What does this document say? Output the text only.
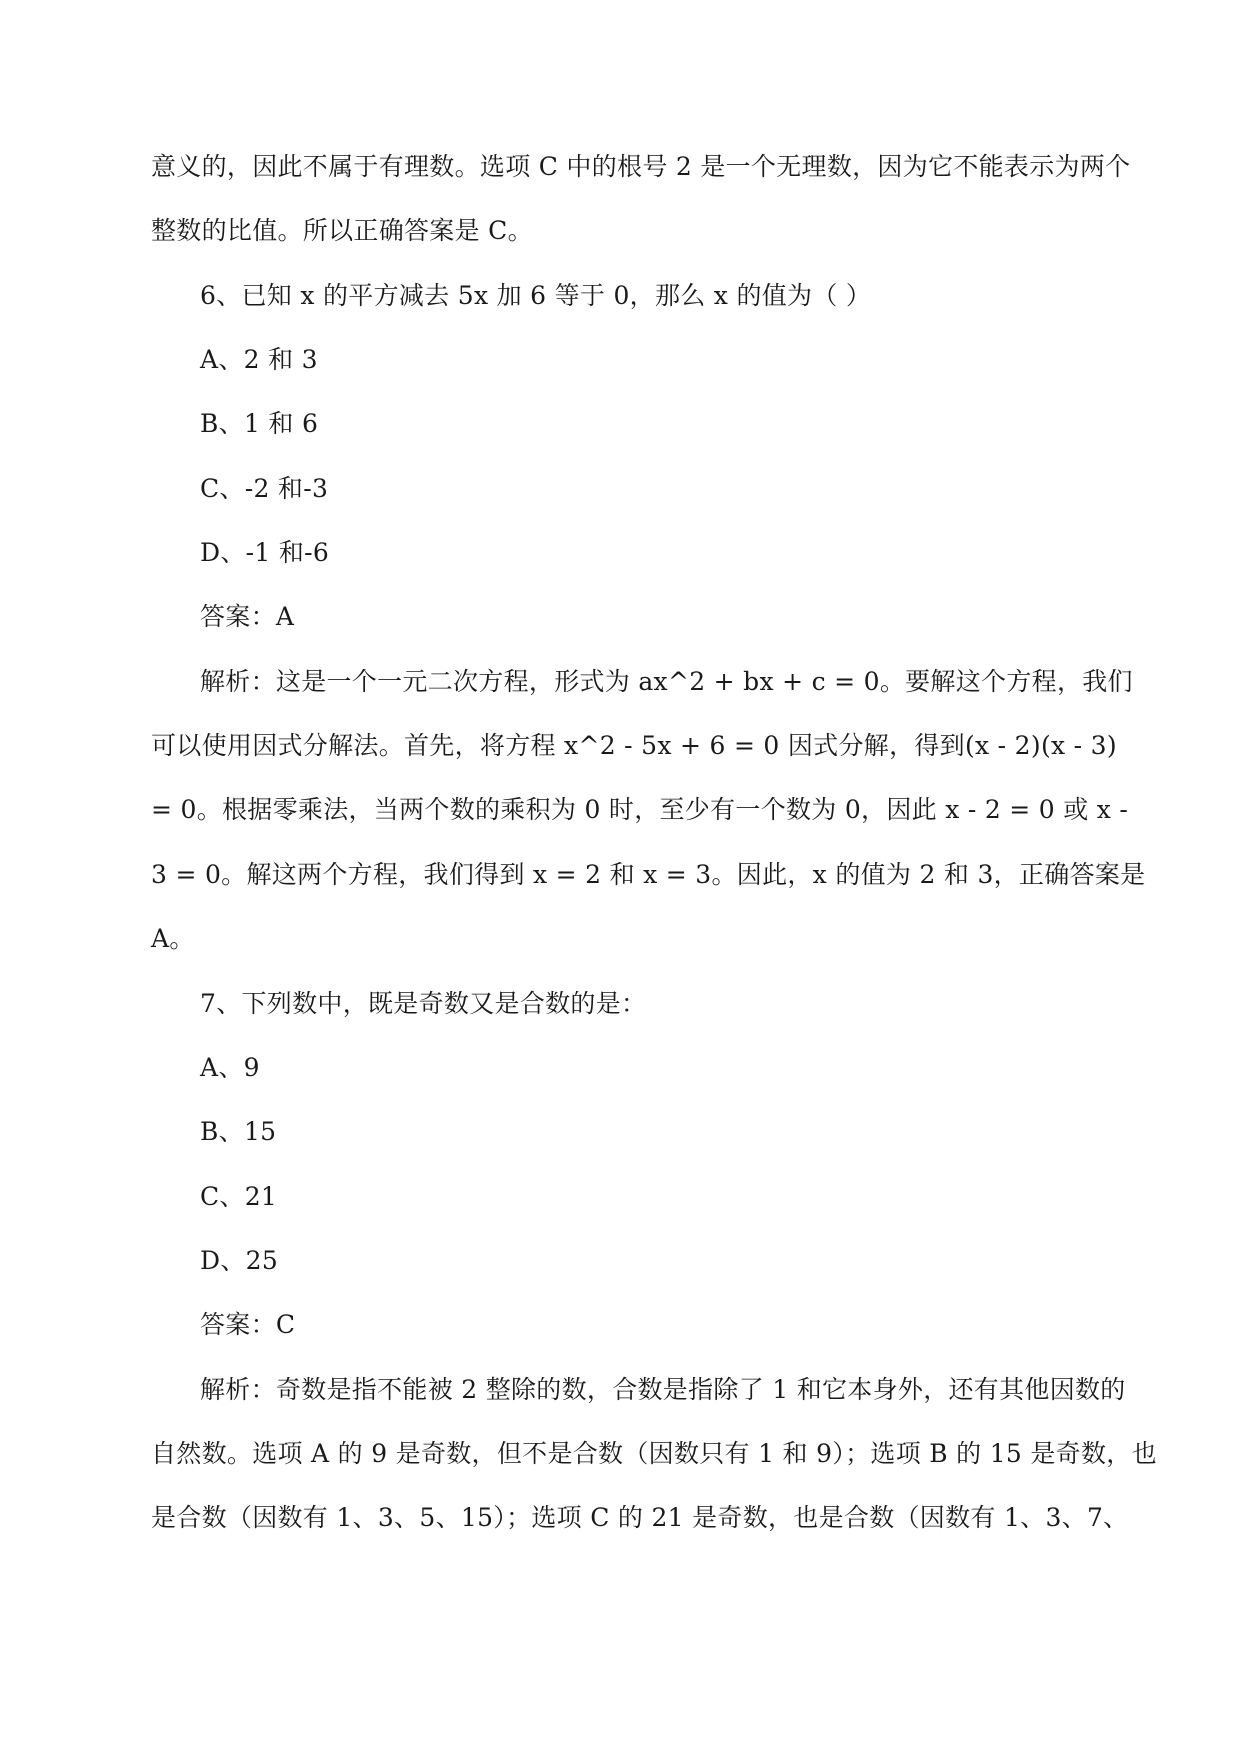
意义的，因此不属于有理数。选项 C 中的根号 2 是一个无理数，因为它不能表示为两个
整数的比值。所以正确答案是 C。
6、已知 x 的平方减去 5x 加 6 等于 0，那么 x 的值为（ ）
A、2 和 3
B、1 和 6
C、-2 和-3
D、-1 和-6
答案：A
解析：这是一个一元二次方程，形式为 ax^2 + bx + c = 0。要解这个方程，我们
可以使用因式分解法。首先，将方程 x^2 - 5x + 6 = 0 因式分解，得到(x - 2)(x - 3)
= 0。根据零乘法，当两个数的乘积为 0 时，至少有一个数为 0，因此 x - 2 = 0 或 x -
3 = 0。解这两个方程，我们得到 x = 2 和 x = 3。因此，x 的值为 2 和 3，正确答案是
A。
7、下列数中，既是奇数又是合数的是：
A、9
B、15
C、21
D、25
答案：C
解析：奇数是指不能被 2 整除的数，合数是指除了 1 和它本身外，还有其他因数的
自然数。选项 A 的 9 是奇数，但不是合数（因数只有 1 和 9）；选项 B 的 15 是奇数，也
是合数（因数有 1、3、5、15）；选项 C 的 21 是奇数，也是合数（因数有 1、3、7、
